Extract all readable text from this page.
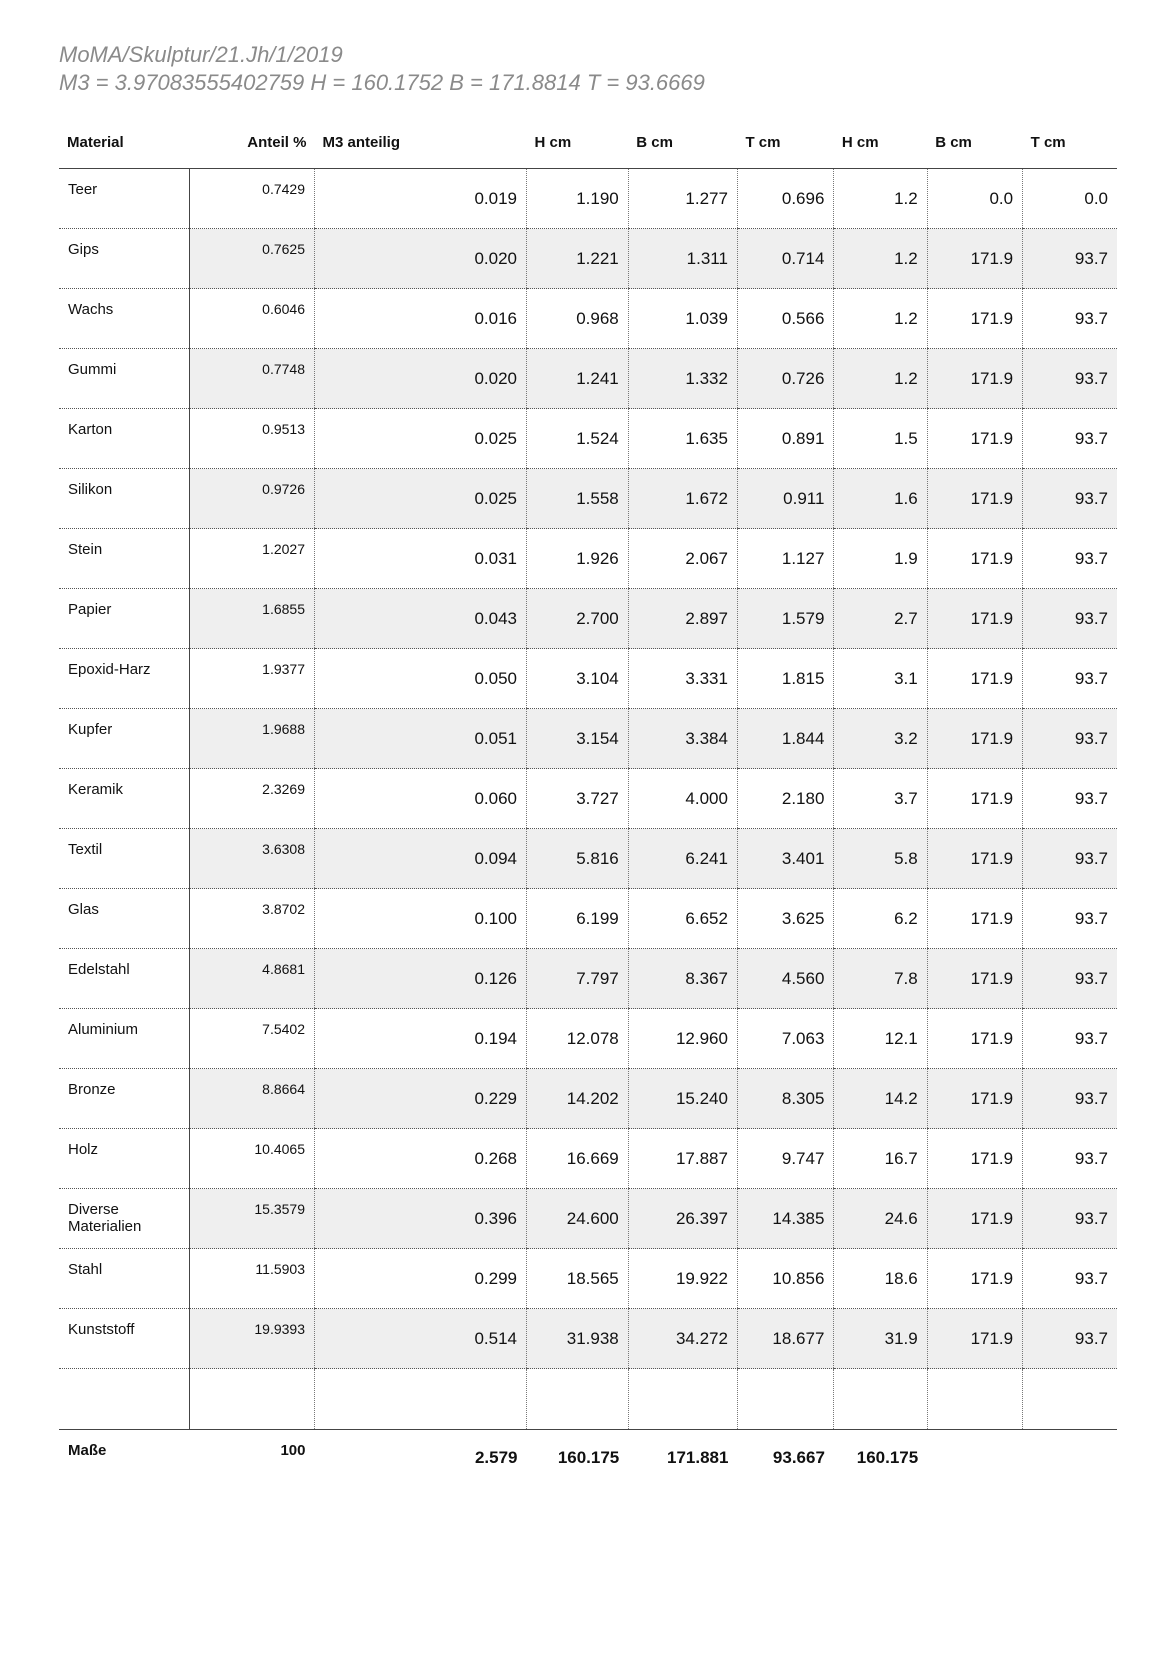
MoMA/Skulptur/21.Jh/1/2019
M3 = 3.97083555402759 H = 160.1752 B = 171.8814 T = 93.6669
Material	Anteil %	M3 anteilig	H cm	B cm	T cm	H cm	B cm	T cm
Teer	0.7429	0.019	1.190	1.277	0.696	1.2	0.0	0.0
Gips	0.7625	0.020	1.221	1.311	0.714	1.2	171.9	93.7
Wachs	0.6046	0.016	0.968	1.039	0.566	1.2	171.9	93.7
Gummi	0.7748	0.020	1.241	1.332	0.726	1.2	171.9	93.7
Karton	0.9513	0.025	1.524	1.635	0.891	1.5	171.9	93.7
Silikon	0.9726	0.025	1.558	1.672	0.911	1.6	171.9	93.7
Stein	1.2027	0.031	1.926	2.067	1.127	1.9	171.9	93.7
Papier	1.6855	0.043	2.700	2.897	1.579	2.7	171.9	93.7
Epoxid-Harz	1.9377	0.050	3.104	3.331	1.815	3.1	171.9	93.7
Kupfer	1.9688	0.051	3.154	3.384	1.844	3.2	171.9	93.7
Keramik	2.3269	0.060	3.727	4.000	2.180	3.7	171.9	93.7
Textil	3.6308	0.094	5.816	6.241	3.401	5.8	171.9	93.7
Glas	3.8702	0.100	6.199	6.652	3.625	6.2	171.9	93.7
Edelstahl	4.8681	0.126	7.797	8.367	4.560	7.8	171.9	93.7
Aluminium	7.5402	0.194	12.078	12.960	7.063	12.1	171.9	93.7
Bronze	8.8664	0.229	14.202	15.240	8.305	14.2	171.9	93.7
Holz	10.4065	0.268	16.669	17.887	9.747	16.7	171.9	93.7
Diverse Materialien	15.3579	0.396	24.600	26.397	14.385	24.6	171.9	93.7
Stahl	11.5903	0.299	18.565	19.922	10.856	18.6	171.9	93.7
Kunststoff	19.9393	0.514	31.938	34.272	18.677	31.9	171.9	93.7

Maße	100	2.579	160.175	171.881	93.667	160.175		
